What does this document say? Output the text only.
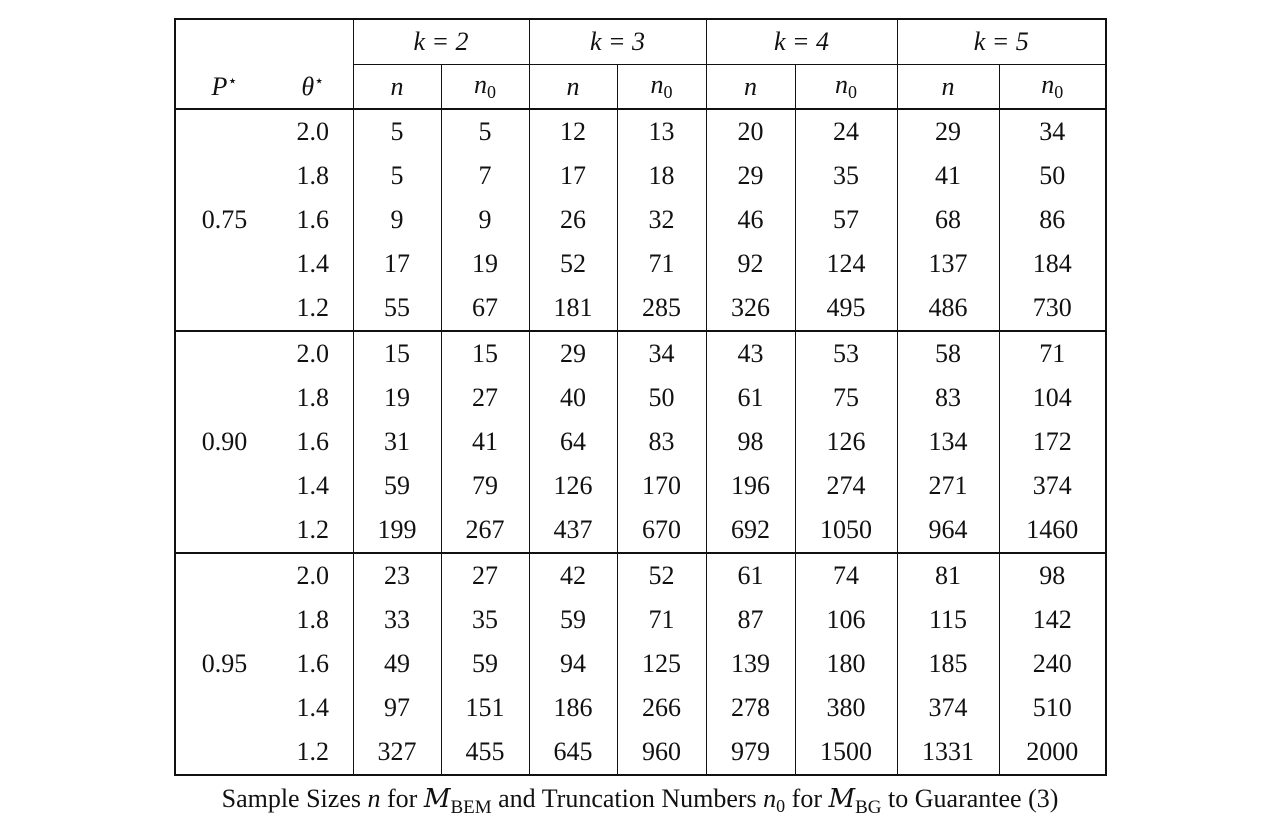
		k = 2		k = 3		k = 4		k = 5	
P⋆	θ⋆	n	$n_0$	n	$n_0$	n	$n_0$	n	$n_0$
0.75	2.0	5	5	12	13	20	24	29	34
	1.8	5	7	17	18	29	35	41	50
	1.6	9	9	26	32	46	57	68	86
	1.4	17	19	52	71	92	124	137	184
	1.2	55	67	181	285	326	495	486	730
0.90	2.0	15	15	29	34	43	53	58	71
	1.8	19	27	40	50	61	75	83	104
	1.6	31	41	64	83	98	126	134	172
	1.4	59	79	126	170	196	274	271	374
	1.2	199	267	437	670	692	1050	964	1460
0.95	2.0	23	27	42	52	61	74	81	98
	1.8	33	35	59	71	87	106	115	142
	1.6	49	59	94	125	139	180	185	240
	1.4	97	151	186	266	278	380	374	510
	1.2	327	455	645	960	979	1500	1331	2000
Sample Sizes n for $M_{BEM}$ and Truncation Numbers $n_0$ for $M_{BG}$ to Guarantee (3)
